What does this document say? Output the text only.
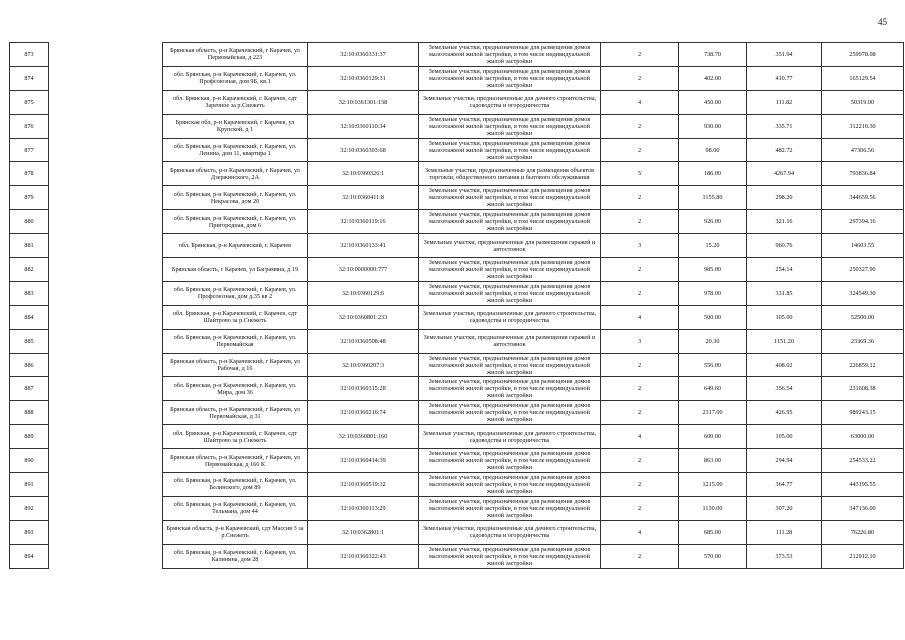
45
873		Брянская область, р-н Карачевский, г Карачев, ул Первомайская, д 223	32:10:0360331:37	Земельные участки, предназначенные для размещения домов малоэтажной жилой застройки, в том числе индивидуальной жилой застройки	2	738.70	351.94	259978.08
874		обл. Брянская, р-н Карачевский, г. Карачев, ул. Профсоюзная, дом 9Б, кв.1	32:10:0360129:31	Земельные участки, предназначенные для размещения домов малоэтажной жилой застройки, в том числе индивидуальной жилой застройки	2	402.00	410.77	165129.54
875		обл. Брянская, р-н Карачевский, г. Карачев, сдт Заречное за р.Снежеть	32:10:0361301:138	Земельные участки, предназначенные для дачного строительства, садоводства и огородничества	4	450.00	111.82	50319.00
876		Брянская обл, р-н Карачевский, г Карачев, ул Крупской, д 1	32:10:0360110:34	Земельные участки, предназначенные для размещения домов малоэтажной жилой застройки, в том числе индивидуальной жилой застройки	2	930.00	335.71	312210.30
877		обл. Брянская, р-н Карачевский, г. Карачев, ул. Ленина, дом 11, квартира 1	32:10:0360303:68	Земельные участки, предназначенные для размещения домов малоэтажной жилой застройки, в том числе индивидуальной жилой застройки	2	98.00	482.72	47306.56
878		Брянская область, р-н Карачевский, г Карачев, ул Дзержинского, 2А	32:10:0360326:1	Земельные участки, предназначенные для размещения объектов торговли, общественного питания и бытового обслуживания	5	186.00	4267.94	793836.84
879		обл. Брянская, р-н Карачевский, г. Карачев, ул. Некрасова, дом 20	32:10:0360411:8	Земельные участки, предназначенные для размещения домов малоэтажной жилой застройки, в том числе индивидуальной жилой застройки	2	1155.80	298.20	344659.56
880		обл. Брянская, р-н Карачевский, г. Карачев, ул. Пригородная, дом 6	32:10:0360119:16	Земельные участки, предназначенные для размещения домов малоэтажной жилой застройки, в том числе индивидуальной жилой застройки	2	926.00	321.16	297394.16
881		обл. Брянская, р-н Карачевский, г. Карачев	32:10:0360133:41	Земельные участки, предназначенные для размещения гаражей и автостоянок	3	15.20	960.76	14603.55
882		Брянская область, г Карачев, ул Баграмяна, д 19	32:10:0000000:777	Земельные участки, предназначенные для размещения домов малоэтажной жилой застройки, в том числе индивидуальной жилой застройки	2	985.00	254.14	250327.90
883		обл. Брянская, р-н Карачевский, г. Карачев, ул. Профсоюзная, дом д.35 кв 2	32:10:0360129:6	Земельные участки, предназначенные для размещения домов малоэтажной жилой застройки, в том числе индивидуальной жилой застройки	2	978.00	331.85	324549.30
884		обл. Брянская, р-н Карачевский, г. Карачев, сдт Шайтрово за р.Снежеть	32:10:0360801:233	Земельные участки, предназначенные для дачного строительства, садоводства и огородничества	4	500.00	105.00	52500.00
885		обл. Брянская, р-н Карачевский, г. Карачев, ул. Первомайская	32:10:0360508:48	Земельные участки, предназначенные для размещения гаражей и автостоянок	3	20.30	1151.20	23369.36
886		Брянская область, р-н Карачевский, г Карачев, ул Рабочая, д 16	32:10:0360207:3	Земельные участки, предназначенные для размещения домов малоэтажной жилой застройки, в том числе индивидуальной жилой застройки	2	556.00	408.02	226859.12
887		обл. Брянская, р-н Карачевский, г. Карачев, ул. Мира, дом 36	32:10:0360315:28	Земельные участки, предназначенные для размещения домов малоэтажной жилой застройки, в том числе индивидуальной жилой застройки	2	649.60	356.54	231608.38
888		Брянская область, р-н Карачевский, г Карачев, ул Первомайская, д 31	32:10:0360216:74	Земельные участки, предназначенные для размещения домов малоэтажной жилой застройки, в том числе индивидуальной жилой застройки	2	2317.00	426.95	989243.15
889		обл. Брянская, р-н Карачевский, г. Карачев, сдт Шайтрово за р.Снежеть	32:10:0360801:160	Земельные участки, предназначенные для дачного строительства, садоводства и огородничества	4	600.00	105.00	63000.00
890		Брянская область, р-н Карачевский, г Карачев, ул Первомайская, д 166 К	32:10:0360414:39	Земельные участки, предназначенные для размещения домов малоэтажной жилой застройки, в том числе индивидуальной жилой застройки	2	863.00	294.94	254533.22
891		обл. Брянская, р-н Карачевский, г. Карачев, ул. Белинского, дом 89	32:10:0360519:32	Земельные участки, предназначенные для размещения домов малоэтажной жилой застройки, в том числе индивидуальной жилой застройки	2	1215.00	364.77	443195.55
892		обл. Брянская, р-н Карачевский, г. Карачев, ул. Тельмана, дом 44	32:10:0360113:29	Земельные участки, предназначенные для размещения домов малоэтажной жилой застройки, в том числе индивидуальной жилой застройки	2	1130.00	307.20	347136.00
893		Брянская область, р-н Карачевский, сдт Массив 3 за р.Снежеть	32:10:0362801:1	Земельные участки, предназначенные для дачного строительства, садоводства и огородничества	4	685.00	111.28	76226.80
894		обл. Брянская, р-н Карачевский, г. Карачев, ул. Калинина, дом 28	32:10:0360322:43	Земельные участки, предназначенные для размещения домов малоэтажной жилой застройки, в том числе индивидуальной жилой застройки	2	570.00	373.53	212912.10
